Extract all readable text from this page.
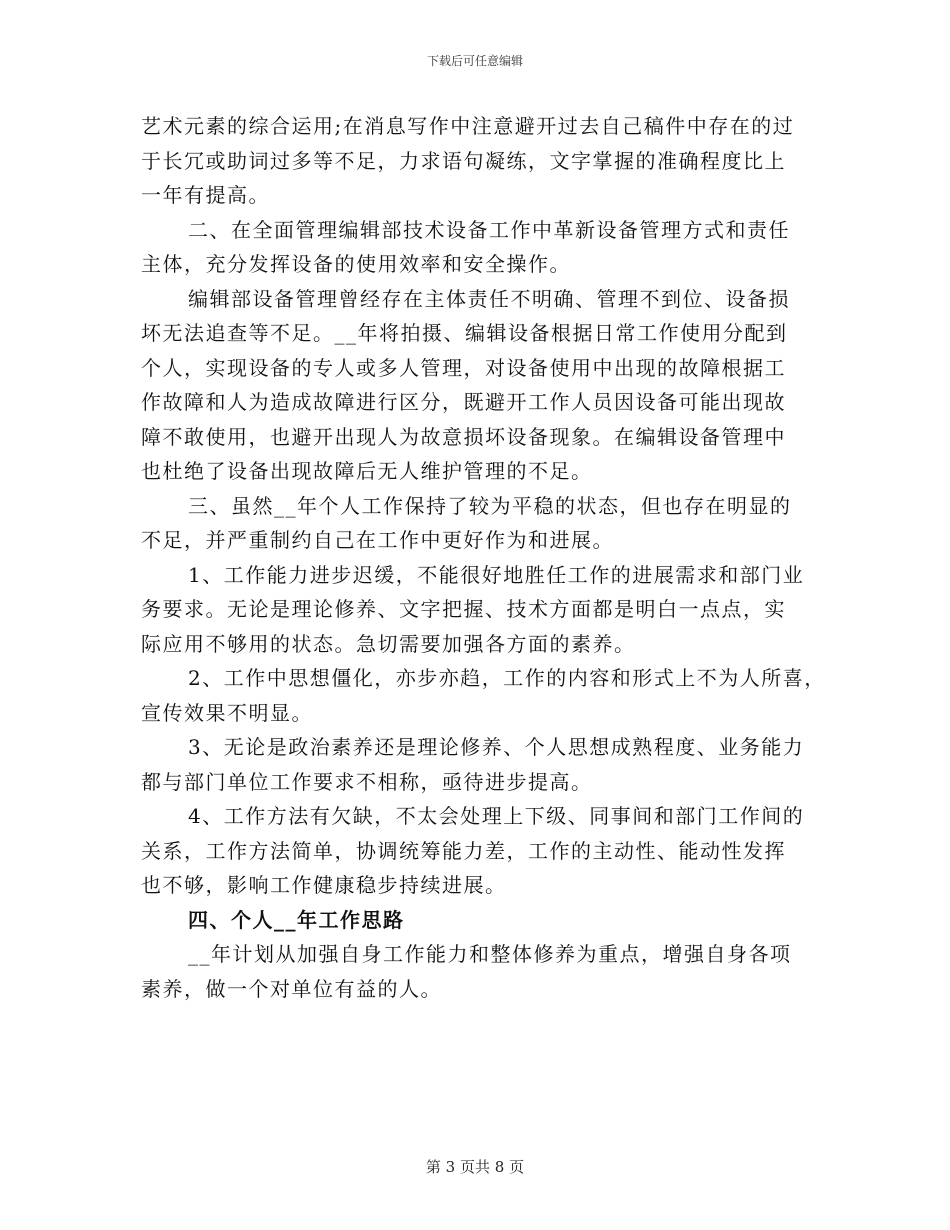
下载后可任意编辑
艺术元素的综合运用;在消息写作中注意避开过去自己稿件中存在的过
于长冗或助词过多等不足，力求语句凝练，文字掌握的准确程度比上
一年有提高。
二、在全面管理编辑部技术设备工作中革新设备管理方式和责任
主体，充分发挥设备的使用效率和安全操作。
编辑部设备管理曾经存在主体责任不明确、管理不到位、设备损
坏无法追查等不足。__年将拍摄、编辑设备根据日常工作使用分配到
个人，实现设备的专人或多人管理，对设备使用中出现的故障根据工
作故障和人为造成故障进行区分，既避开工作人员因设备可能出现故
障不敢使用，也避开出现人为故意损坏设备现象。在编辑设备管理中
也杜绝了设备出现故障后无人维护管理的不足。
三、虽然__年个人工作保持了较为平稳的状态，但也存在明显的
不足，并严重制约自己在工作中更好作为和进展。
1、工作能力进步迟缓，不能很好地胜任工作的进展需求和部门业
务要求。无论是理论修养、文字把握、技术方面都是明白一点点，实
际应用不够用的状态。急切需要加强各方面的素养。
2、工作中思想僵化，亦步亦趋，工作的内容和形式上不为人所喜，
宣传效果不明显。
3、无论是政治素养还是理论修养、个人思想成熟程度、业务能力
都与部门单位工作要求不相称，亟待进步提高。
4、工作方法有欠缺，不太会处理上下级、同事间和部门工作间的
关系，工作方法简单，协调统筹能力差，工作的主动性、能动性发挥
也不够，影响工作健康稳步持续进展。
四、个人__年工作思路
__年计划从加强自身工作能力和整体修养为重点，增强自身各项
素养，做一个对单位有益的人。
第 3 页共 8 页
